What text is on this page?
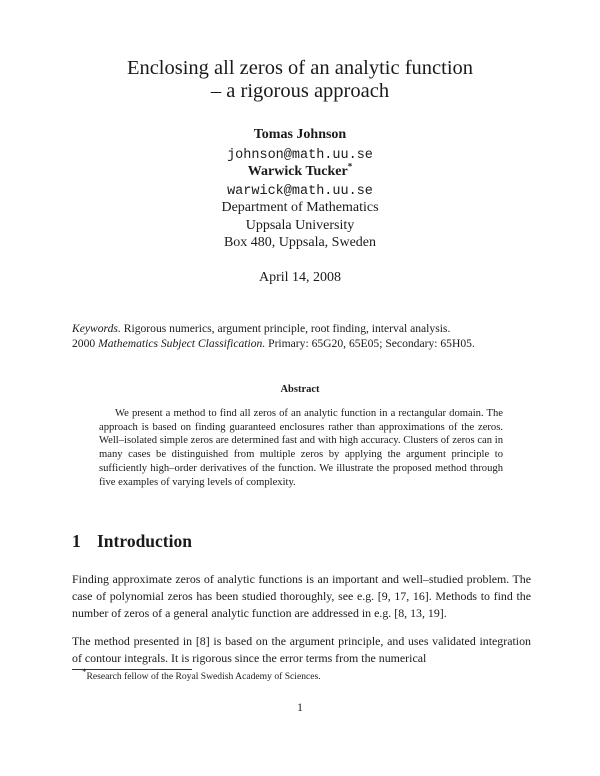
Enclosing all zeros of an analytic function
– a rigorous approach
Tomas Johnson
johnson@math.uu.se
Warwick Tucker*
warwick@math.uu.se
Department of Mathematics
Uppsala University
Box 480, Uppsala, Sweden
April 14, 2008
Keywords. Rigorous numerics, argument principle, root finding, interval analysis.
2000 Mathematics Subject Classification. Primary: 65G20, 65E05; Secondary: 65H05.
Abstract
We present a method to find all zeros of an analytic function in a rectangular domain. The approach is based on finding guaranteed enclosures rather than approximations of the zeros. Well–isolated simple zeros are determined fast and with high accuracy. Clusters of zeros can in many cases be distinguished from multiple zeros by applying the argument principle to sufficiently high–order derivatives of the function. We illustrate the proposed method through five examples of varying levels of complexity.
1 Introduction
Finding approximate zeros of analytic functions is an important and well–studied problem. The case of polynomial zeros has been studied thoroughly, see e.g. [9, 17, 16]. Methods to find the number of zeros of a general analytic function are addressed in e.g. [8, 13, 19].
The method presented in [8] is based on the argument principle, and uses validated integration of contour integrals. It is rigorous since the error terms from the numerical
*Research fellow of the Royal Swedish Academy of Sciences.
1
